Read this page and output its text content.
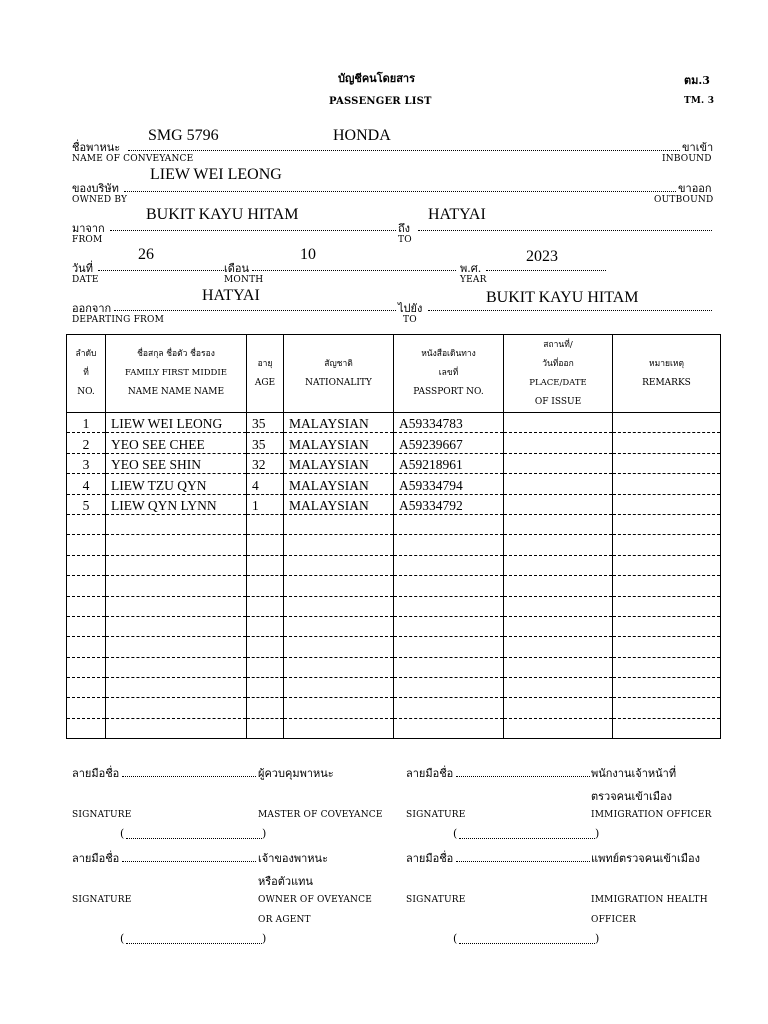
บัญชีคนโดยสาร
PASSENGER LIST
ตม.3
TM. 3
ชื่อพาหนะ
NAME OF CONVEYANCE
SMG 5796	HONDA
ขาเข้า
INBOUND
ของบริษัท
OWNED BY
LIEW WEI LEONG
ขาออก
OUTBOUND
มาจาก
FROM
BUKIT KAYU HITAM
ถึง
TO
HATYAI
วันที่
DATE
26
เดือน
MONTH
10
พ.ศ.
YEAR
2023
ออกจาก
DEPARTING FROM
HATYAI
ไปยัง
TO
BUKIT KAYU HITAM
ลำดับ
ที่
NO.	ชื่อสกุล ชื่อตัว ชื่อรอง
FAMILY FIRST MIDDIE
NAME NAME NAME	อายุ
AGE	สัญชาติ
NATIONALITY	หนังสือเดินทาง
เลขที่
PASSPORT NO.	สถานที่/
วันที่ออก
PLACE/DATE
OF ISSUE	หมายเหตุ
REMARKS
1	LIEW WEI LEONG	35	MALAYSIAN	A59334783		
2	YEO SEE CHEE	35	MALAYSIAN	A59239667		
3	YEO SEE SHIN	32	MALAYSIAN	A59218961		
4	LIEW TZU QYN	4	MALAYSIAN	A59334794		
5	LIEW QYN LYNN	1	MALAYSIAN	A59334792		

ลายมือชื่อ	ผู้ควบคุมพาหนะ
SIGNATURE	MASTER OF COVEYANCE
(	)
ลายมือชื่อ	พนักงานเจ้าหน้าที่
ตรวจคนเข้าเมือง
SIGNATURE	IMMIGRATION OFFICER
(	)
ลายมือชื่อ	เจ้าของพาหนะ
หรือตัวแทน
SIGNATURE	OWNER OF OVEYANCE
OR AGENT
(	)
ลายมือชื่อ	แพทย์ตรวจคนเข้าเมือง
SIGNATURE	IMMIGRATION HEALTH
OFFICER
(	)
